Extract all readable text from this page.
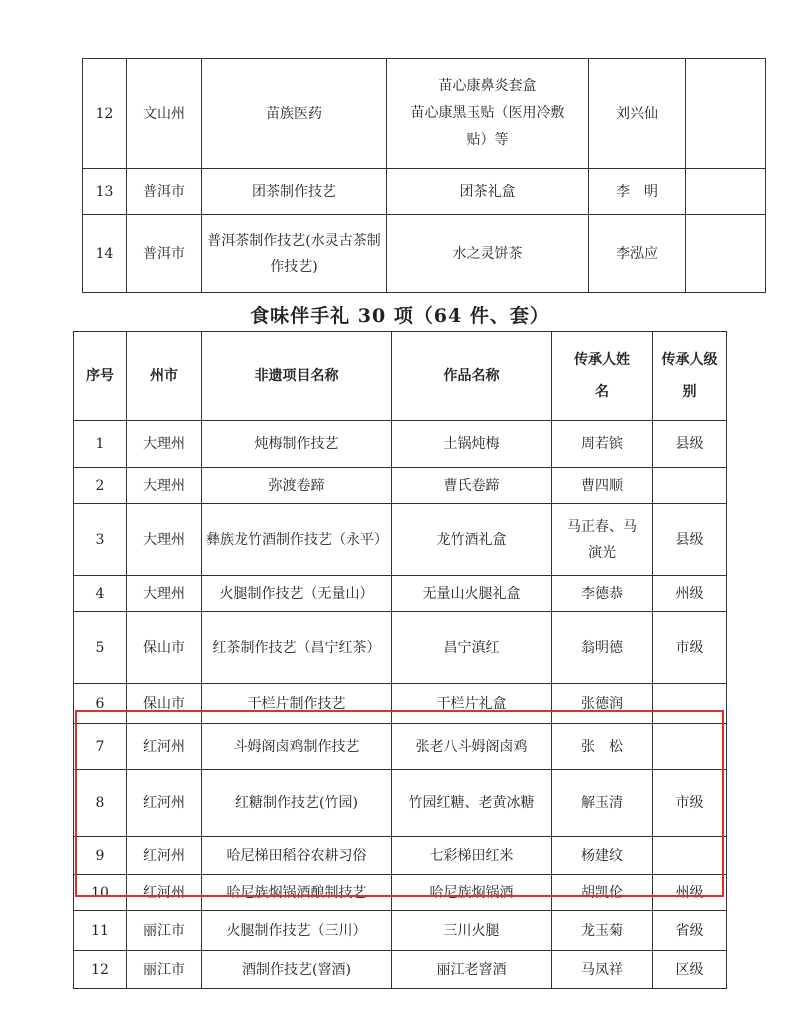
12	文山州	苗族医药	苗心康鼻炎套盒
苗心康黑玉贴（医用冷敷
贴）等	刘兴仙	
13	普洱市	团茶制作技艺	团茶礼盒	李　明	
14	普洱市	普洱茶制作技艺(水灵古茶制作技艺)	水之灵饼茶	李泓应	
食味伴手礼 30 项（64 件、套）
序号	州市	非遗项目名称	作品名称	传承人姓名	传承人级别
1	大理州	炖梅制作技艺	土锅炖梅	周若镔	县级
2	大理州	弥渡卷蹄	曹氏卷蹄	曹四顺	
3	大理州	彝族龙竹酒制作技艺（永平）	龙竹酒礼盒	马正春、马演光	县级
4	大理州	火腿制作技艺（无量山）	无量山火腿礼盒	李德恭	州级
5	保山市	红茶制作技艺（昌宁红茶）	昌宁滇红	翁明德	市级
6	保山市	干栏片制作技艺	干栏片礼盒	张德润	
7	红河州	斗姆阁卤鸡制作技艺	张老八斗姆阁卤鸡	张　松	
8	红河州	红糖制作技艺(竹园)	竹园红糖、老黄冰糖	解玉清	市级
9	红河州	哈尼梯田稻谷农耕习俗	七彩梯田红米	杨建纹	
10	红河州	哈尼族焖锅酒酿制技艺	哈尼族焖锅酒	胡凯伦	州级
11	丽江市	火腿制作技艺（三川）	三川火腿	龙玉菊	省级
12	丽江市	酒制作技艺(窨酒)	丽江老窨酒	马凤祥	区级
